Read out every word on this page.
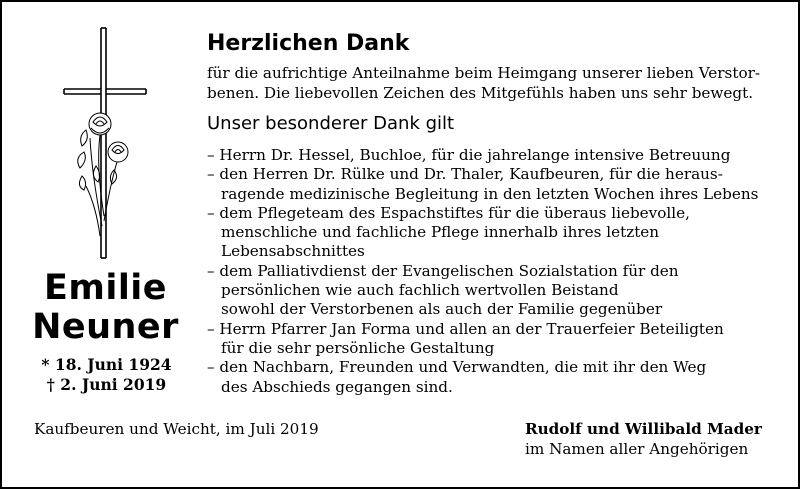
Emilie
Neuner
* 18. Juni 1924
† 2. Juni 2019
Herzlichen Dank

für die aufrichtige Anteilnahme beim Heimgang unserer lieben Verstor-
benen. Die liebevollen Zeichen des Mitgefühls haben uns sehr bewegt.

Unser besonderer Dank gilt
– Herrn Dr. Hessel, Buchloe, für die jahrelange intensive Betreuung
– den Herren Dr. Rülke und Dr. Thaler, Kaufbeuren, für die heraus-
ragende medizinische Begleitung in den letzten Wochen ihres Lebens
– dem Pflegeteam des Espachstiftes für die überaus liebevolle,
menschliche und fachliche Pflege innerhalb ihres letzten
Lebensabschnittes
– dem Palliativdienst der Evangelischen Sozialstation für den
persönlichen wie auch fachlich wertvollen Beistand
sowohl der Verstorbenen als auch der Familie gegenüber
– Herrn Pfarrer Jan Forma und allen an der Trauerfeier Beteiligten
für die sehr persönliche Gestaltung
– den Nachbarn, Freunden und Verwandten, die mit ihr den Weg
des Abschieds gegangen sind.
Kaufbeuren und Weicht, im Juli 2019	Rudolf und Willibald Mader
im Namen aller Angehörigen
